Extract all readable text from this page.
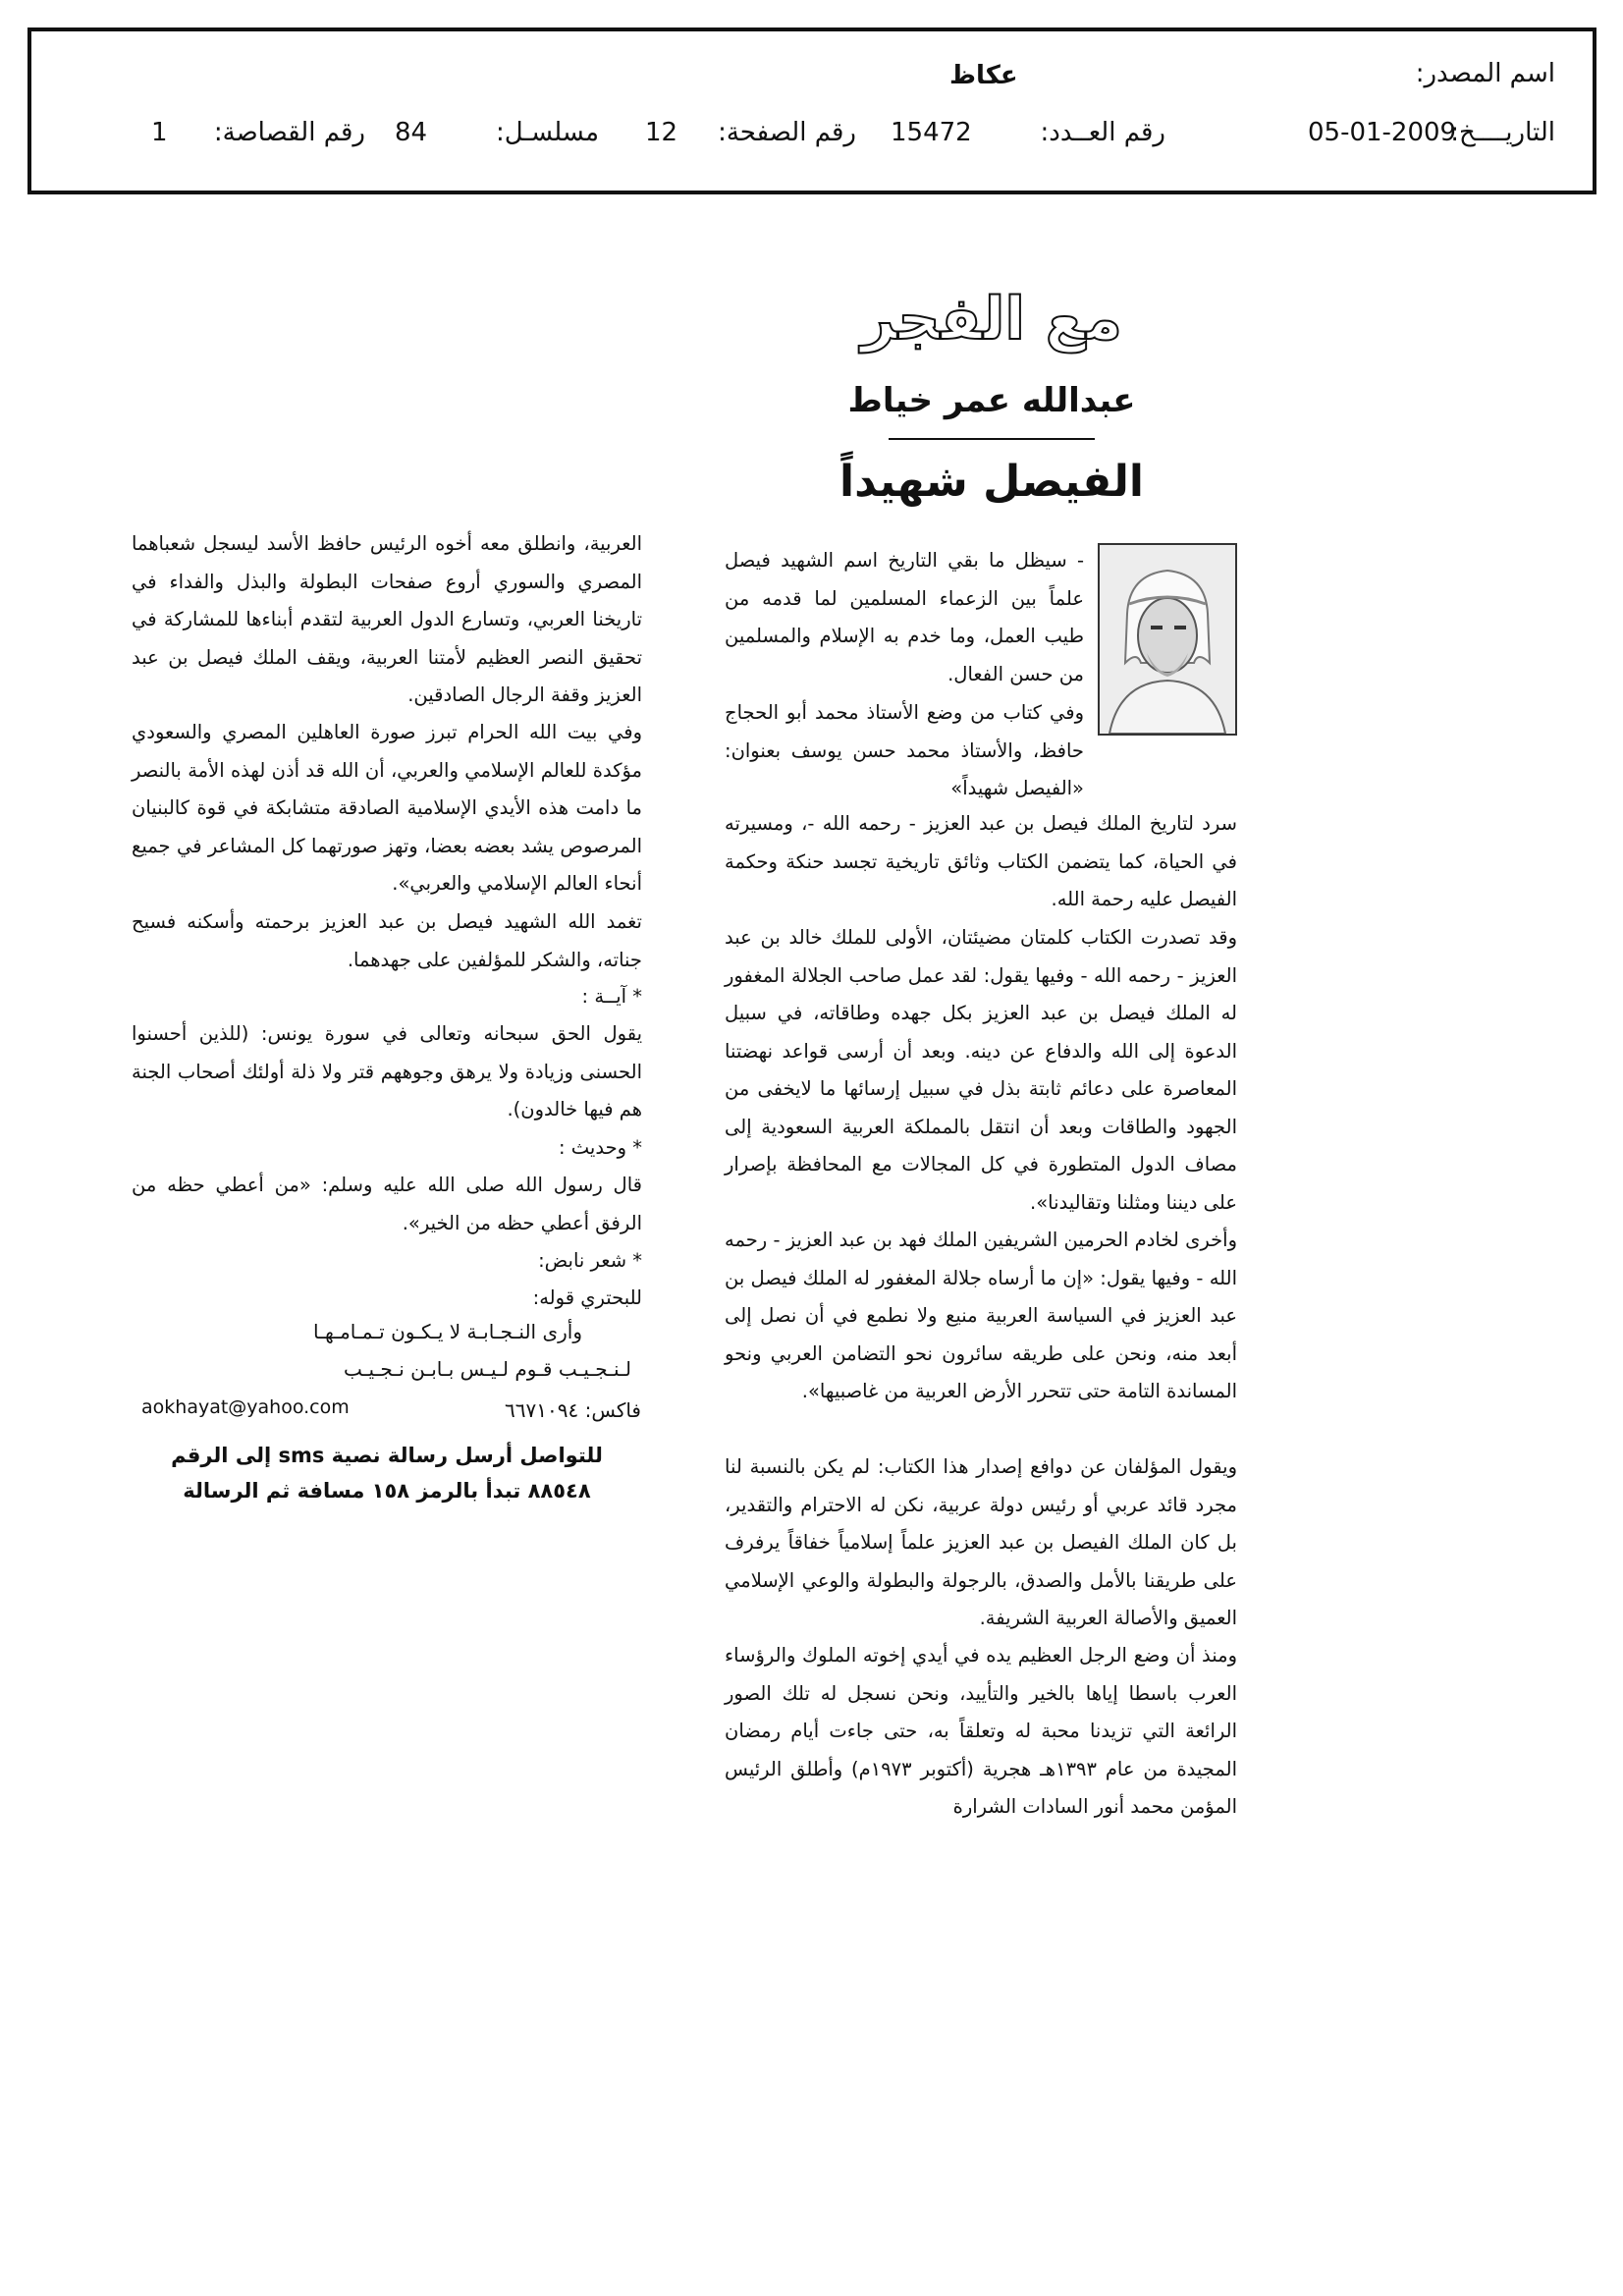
اسم المصدر:
عكاظ
التاريــــخ:
05-01-2009
رقم العــدد:
15472
رقم الصفحة:
12
مسلسـل:
84
رقم القصاصة:
1
مع الفجر
عبدالله عمر خياط
الفيصل شهيداً

- سيظل ما بقي التاريخ اسم الشهيد فيصل علماً بين الزعماء المسلمين لما قدمه من طيب العمل، وما خدم به الإسلام والمسلمين من حسن الفعال.

وفي كتاب من وضع الأستاذ محمد أبو الحجاج حافظ، والأستاذ محمد حسن يوسف بعنوان: «الفيصل شهيداً»

سرد لتاريخ الملك فيصل بن عبد العزيز - رحمه الله -، ومسيرته في الحياة، كما يتضمن الكتاب وثائق تاريخية تجسد حنكة وحكمة الفيصل عليه رحمة الله.

وقد تصدرت الكتاب كلمتان مضيئتان، الأولى للملك خالد بن عبد العزيز - رحمه الله - وفيها يقول: لقد عمل صاحب الجلالة المغفور له الملك فيصل بن عبد العزيز بكل جهده وطاقاته، في سبيل الدعوة إلى الله والدفاع عن دينه. وبعد أن أرسى قواعد نهضتنا المعاصرة على دعائم ثابتة بذل في سبيل إرسائها ما لايخفى من الجهود والطاقات وبعد أن انتقل بالمملكة العربية السعودية إلى مصاف الدول المتطورة في كل المجالات مع المحافظة بإصرار على ديننا ومثلنا وتقاليدنا».

وأخرى لخادم الحرمين الشريفين الملك فهد بن عبد العزيز - رحمه الله - وفيها يقول: «إن ما أرساه جلالة المغفور له الملك فيصل بن عبد العزيز في السياسة العربية منيع ولا نطمع في أن نصل إلى أبعد منه، ونحن على طريقه سائرون نحو التضامن العربي ونحو المساندة التامة حتى تتحرر الأرض العربية من غاصبيها».

ويقول المؤلفان عن دوافع إصدار هذا الكتاب: لم يكن بالنسبة لنا مجرد قائد عربي أو رئيس دولة عربية، نكن له الاحترام والتقدير، بل كان الملك الفيصل بن عبد العزيز علماً إسلامياً خفاقاً يرفرف على طريقنا بالأمل والصدق، بالرجولة والبطولة والوعي الإسلامي العميق والأصالة العربية الشريفة.

ومنذ أن وضع الرجل العظيم يده في أيدي إخوته الملوك والرؤساء العرب باسطا إياها بالخير والتأييد، ونحن نسجل له تلك الصور الرائعة التي تزيدنا محبة له وتعلقاً به، حتى جاءت أيام رمضان المجيدة من عام ١٣٩٣هـ هجرية (أكتوبر ١٩٧٣م) وأطلق الرئيس المؤمن محمد أنور السادات الشرارة

العربية، وانطلق معه أخوه الرئيس حافظ الأسد ليسجل شعباهما المصري والسوري أروع صفحات البطولة والبذل والفداء في تاريخنا العربي، وتسارع الدول العربية لتقدم أبناءها للمشاركة في تحقيق النصر العظيم لأمتنا العربية، ويقف الملك فيصل بن عبد العزيز وقفة الرجال الصادقين.

وفي بيت الله الحرام تبرز صورة العاهلين المصري والسعودي مؤكدة للعالم الإسلامي والعربي، أن الله قد أذن لهذه الأمة بالنصر ما دامت هذه الأيدي الإسلامية الصادقة متشابكة في قوة كالبنيان المرصوص يشد بعضه بعضا، وتهز صورتهما كل المشاعر في جميع أنحاء العالم الإسلامي والعربي».

تغمد الله الشهيد فيصل بن عبد العزيز برحمته وأسكنه فسيح جناته، والشكر للمؤلفين على جهدهما.

* آيــة :

يقول الحق سبحانه وتعالى في سورة يونس: (للذين أحسنوا الحسنى وزيادة ولا يرهق وجوههم قتر ولا ذلة أولئك أصحاب الجنة هم فيها خالدون).

* وحديث :

قال رسول الله صلى الله عليه وسلم: «من أعطي حظه من الرفق أعطي حظه من الخير».

* شعر نابض:

للبحتري قوله:

وأرى النـجـابـة لا يـكـون تـمـامـهـا
لـنـجـيـب قـوم لـيـس بـابـن نـجـيـب
فاكس: ٦٦٧١٠٩٤
aokhayat@yahoo.com
للتواصل أرسل رسالة نصية sms إلى الرقم
٨٨٥٤٨ تبدأ بالرمز ١٥٨ مسافة ثم الرسالة
